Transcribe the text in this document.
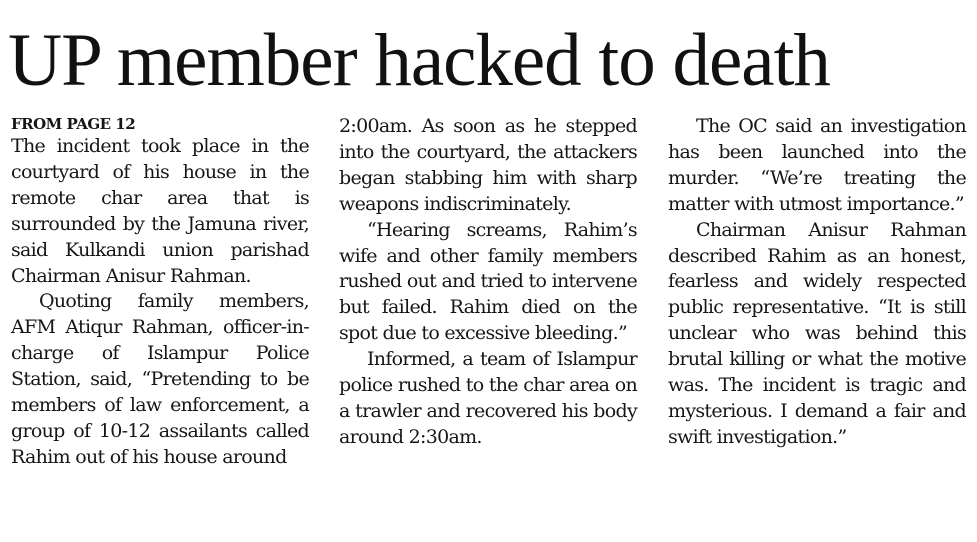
UP member hacked to death
FROM PAGE 12

The incident took place in the courtyard of his house in the remote char area that is surrounded by the Jamuna river, said Kulkandi union parishad Chairman Anisur Rahman.

Quoting family members, AFM Atiqur Rahman, officer-in-charge of Islampur Police Station, said, “Pretending to be members of law enforcement, a group of 10-12 assailants called Rahim out of his house around

2:00am. As soon as he stepped into the courtyard, the attackers began stabbing him with sharp weapons indiscriminately.

“Hearing screams, Rahim’s wife and other family members rushed out and tried to intervene but failed. Rahim died on the spot due to excessive bleeding.”

Informed, a team of Islampur police rushed to the char area on a trawler and recovered his body around 2:30am.

The OC said an investigation has been launched into the murder. “We’re treating the matter with utmost importance.”

Chairman Anisur Rahman described Rahim as an honest, fearless and widely respected public representative. “It is still unclear who was behind this brutal killing or what the motive was. The incident is tragic and mysterious. I demand a fair and swift investigation.”
